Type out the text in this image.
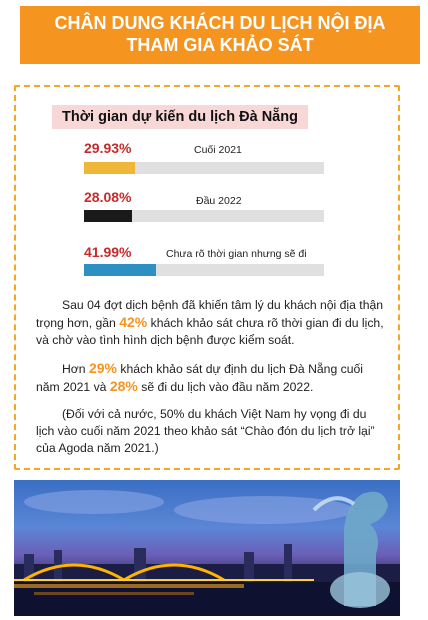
CHÂN DUNG KHÁCH DU LỊCH NỘI ĐỊA
THAM GIA KHẢO SÁT
Thời gian dự kiến du lịch Đà Nẵng
29.93%	Cuối 2021
28.08%	Đầu 2022
41.99%	Chưa rõ thời gian nhưng sẽ đi
Sau 04 đợt dịch bệnh đã khiến tâm lý du khách nội địa thận trọng hơn, gần 42% khách khảo sát chưa rõ thời gian đi du lịch, và chờ vào tình hình dịch bệnh được kiểm soát.
Hơn 29% khách khảo sát dự định du lịch Đà Nẵng cuối năm 2021 và 28% sẽ đi du lịch vào đầu năm 2022.
(Đối với cả nước, 50% du khách Việt Nam hy vọng đi du lịch vào cuối năm 2021 theo khảo sát “Chào đón du lịch trở lại” của Agoda năm 2021.)
